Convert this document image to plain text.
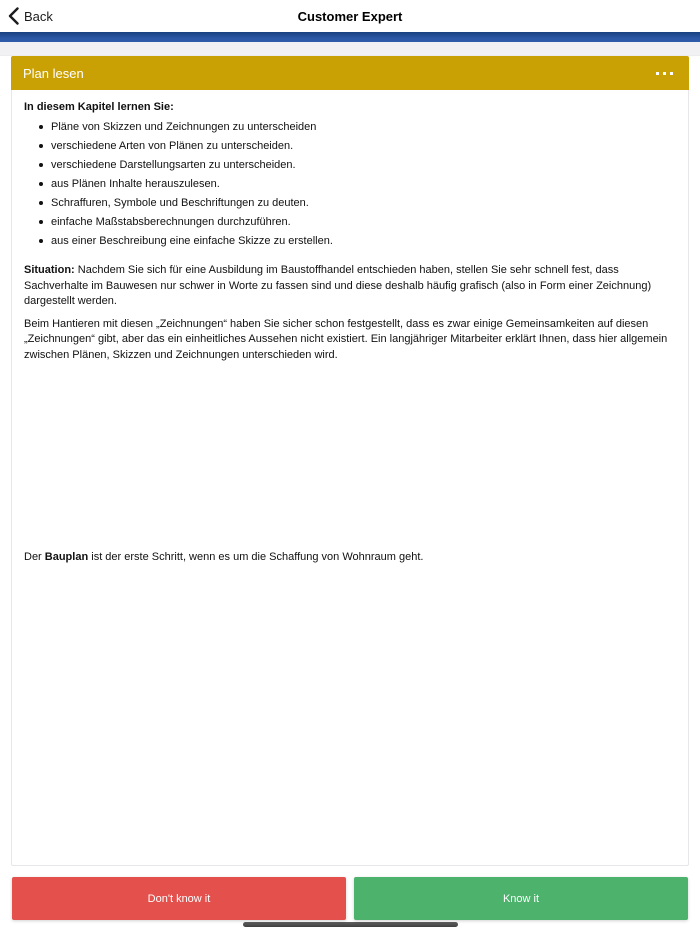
Back	Customer Expert
Plan lesen
In diesem Kapitel lernen Sie:
Pläne von Skizzen und Zeichnungen zu unterscheiden
verschiedene Arten von Plänen zu unterscheiden.
verschiedene Darstellungsarten zu unterscheiden.
aus Plänen Inhalte herauszulesen.
Schraffuren, Symbole und Beschriftungen zu deuten.
einfache Maßstabsberechnungen durchzuführen.
aus einer Beschreibung eine einfache Skizze zu erstellen.

Situation: Nachdem Sie sich für eine Ausbildung im Baustoffhandel entschieden haben, stellen Sie sehr schnell fest, dass Sachverhalte im Bauwesen nur schwer in Worte zu fassen sind und diese deshalb häufig grafisch (also in Form einer Zeichnung) dargestellt werden.

Beim Hantieren mit diesen „Zeichnungen“ haben Sie sicher schon festgestellt, dass es zwar einige Gemeinsamkeiten auf diesen „Zeichnungen“ gibt, aber das ein einheitliches Aussehen nicht existiert. Ein langjähriger Mitarbeiter erklärt Ihnen, dass hier allgemein zwischen Plänen, Skizzen und Zeichnungen unterschieden wird.

Der Bauplan ist der erste Schritt, wenn es um die Schaffung von Wohnraum geht.

Don't know it	Know it
